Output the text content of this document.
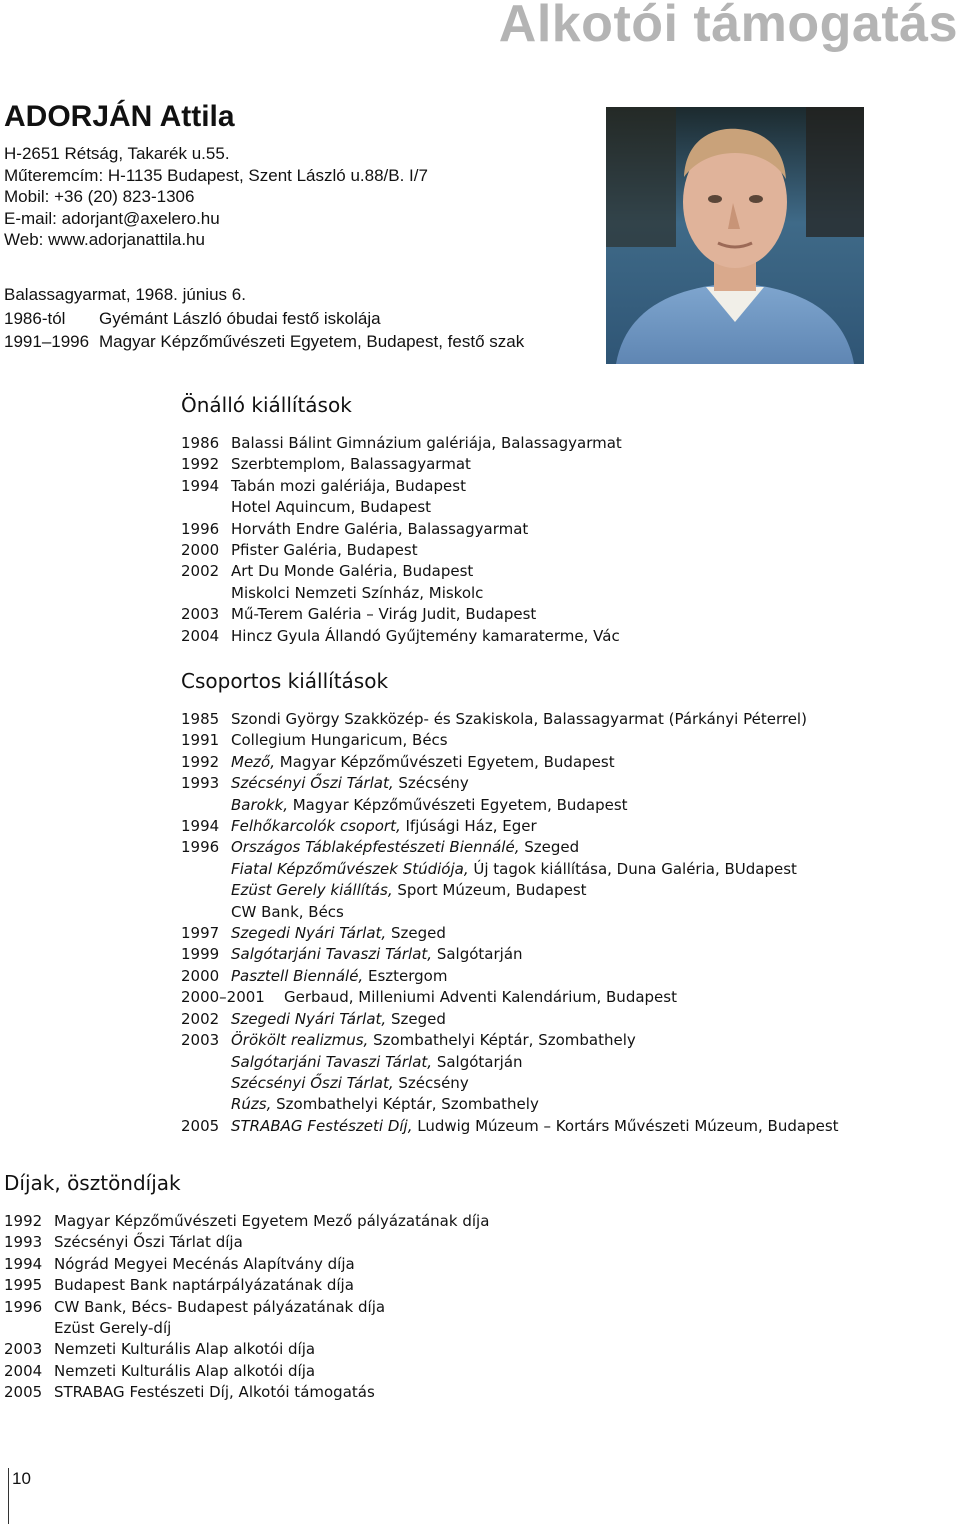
Alkotói támogatás
ADORJÁN Attila
H-2651 Rétság, Takarék u.55.
Műteremcím: H-1135 Budapest, Szent László u.88/B. I/7
Mobil: +36 (20) 823-1306
E-mail: adorjant@axelero.hu
Web: www.adorjanattila.hu
Balassagyarmat, 1968. június 6.
1986-tól Gyémánt László óbudai festő iskolája
1991–1996 Magyar Képzőművészeti Egyetem, Budapest, festő szak
Önálló kiállítások
1986 Balassi Bálint Gimnázium galériája, Balassagyarmat
1992 Szerbtemplom, Balassagyarmat
1994 Tabán mozi galériája, Budapest
Hotel Aquincum, Budapest
1996 Horváth Endre Galéria, Balassagyarmat
2000 Pfister Galéria, Budapest
2002 Art Du Monde Galéria, Budapest
Miskolci Nemzeti Színház, Miskolc
2003 Mű-Terem Galéria – Virág Judit, Budapest
2004 Hincz Gyula Állandó Gyűjtemény kamaraterme, Vác
Csoportos kiállítások
1985 Szondi György Szakközép- és Szakiskola, Balassagyarmat (Párkányi Péterrel)
1991 Collegium Hungaricum, Bécs
1992 Mező, Magyar Képzőművészeti Egyetem, Budapest
1993 Szécsényi Őszi Tárlat, Szécsény
Barokk, Magyar Képzőművészeti Egyetem, Budapest
1994 Felhőkarcolók csoport, Ifjúsági Ház, Eger
1996 Országos Táblaképfestészeti Biennálé, Szeged
Fiatal Képzőművészek Stúdiója, Új tagok kiállítása, Duna Galéria, BUdapest
Ezüst Gerely kiállítás, Sport Múzeum, Budapest
CW Bank, Bécs
1997 Szegedi Nyári Tárlat, Szeged
1999 Salgótarjáni Tavaszi Tárlat, Salgótarján
2000 Pasztell Biennálé, Esztergom
2000–2001	Gerbaud, Milleniumi Adventi Kalendárium, Budapest
2002 Szegedi Nyári Tárlat, Szeged
2003 Örökölt realizmus, Szombathelyi Képtár, Szombathely
Salgótarjáni Tavaszi Tárlat, Salgótarján
Szécsényi Őszi Tárlat, Szécsény
Rúzs, Szombathelyi Képtár, Szombathely
2005 STRABAG Festészeti Díj, Ludwig Múzeum – Kortárs Művészeti Múzeum, Budapest
Díjak, ösztöndíjak
1992 Magyar Képzőművészeti Egyetem Mező pályázatának díja
1993 Szécsényi Őszi Tárlat díja
1994 Nógrád Megyei Mecénás Alapítvány díja
1995 Budapest Bank naptárpályázatának díja
1996 CW Bank, Bécs- Budapest pályázatának díja
Ezüst Gerely-díj
2003 Nemzeti Kulturális Alap alkotói díja
2004 Nemzeti Kulturális Alap alkotói díja
2005 STRABAG Festészeti Díj, Alkotói támogatás
10
